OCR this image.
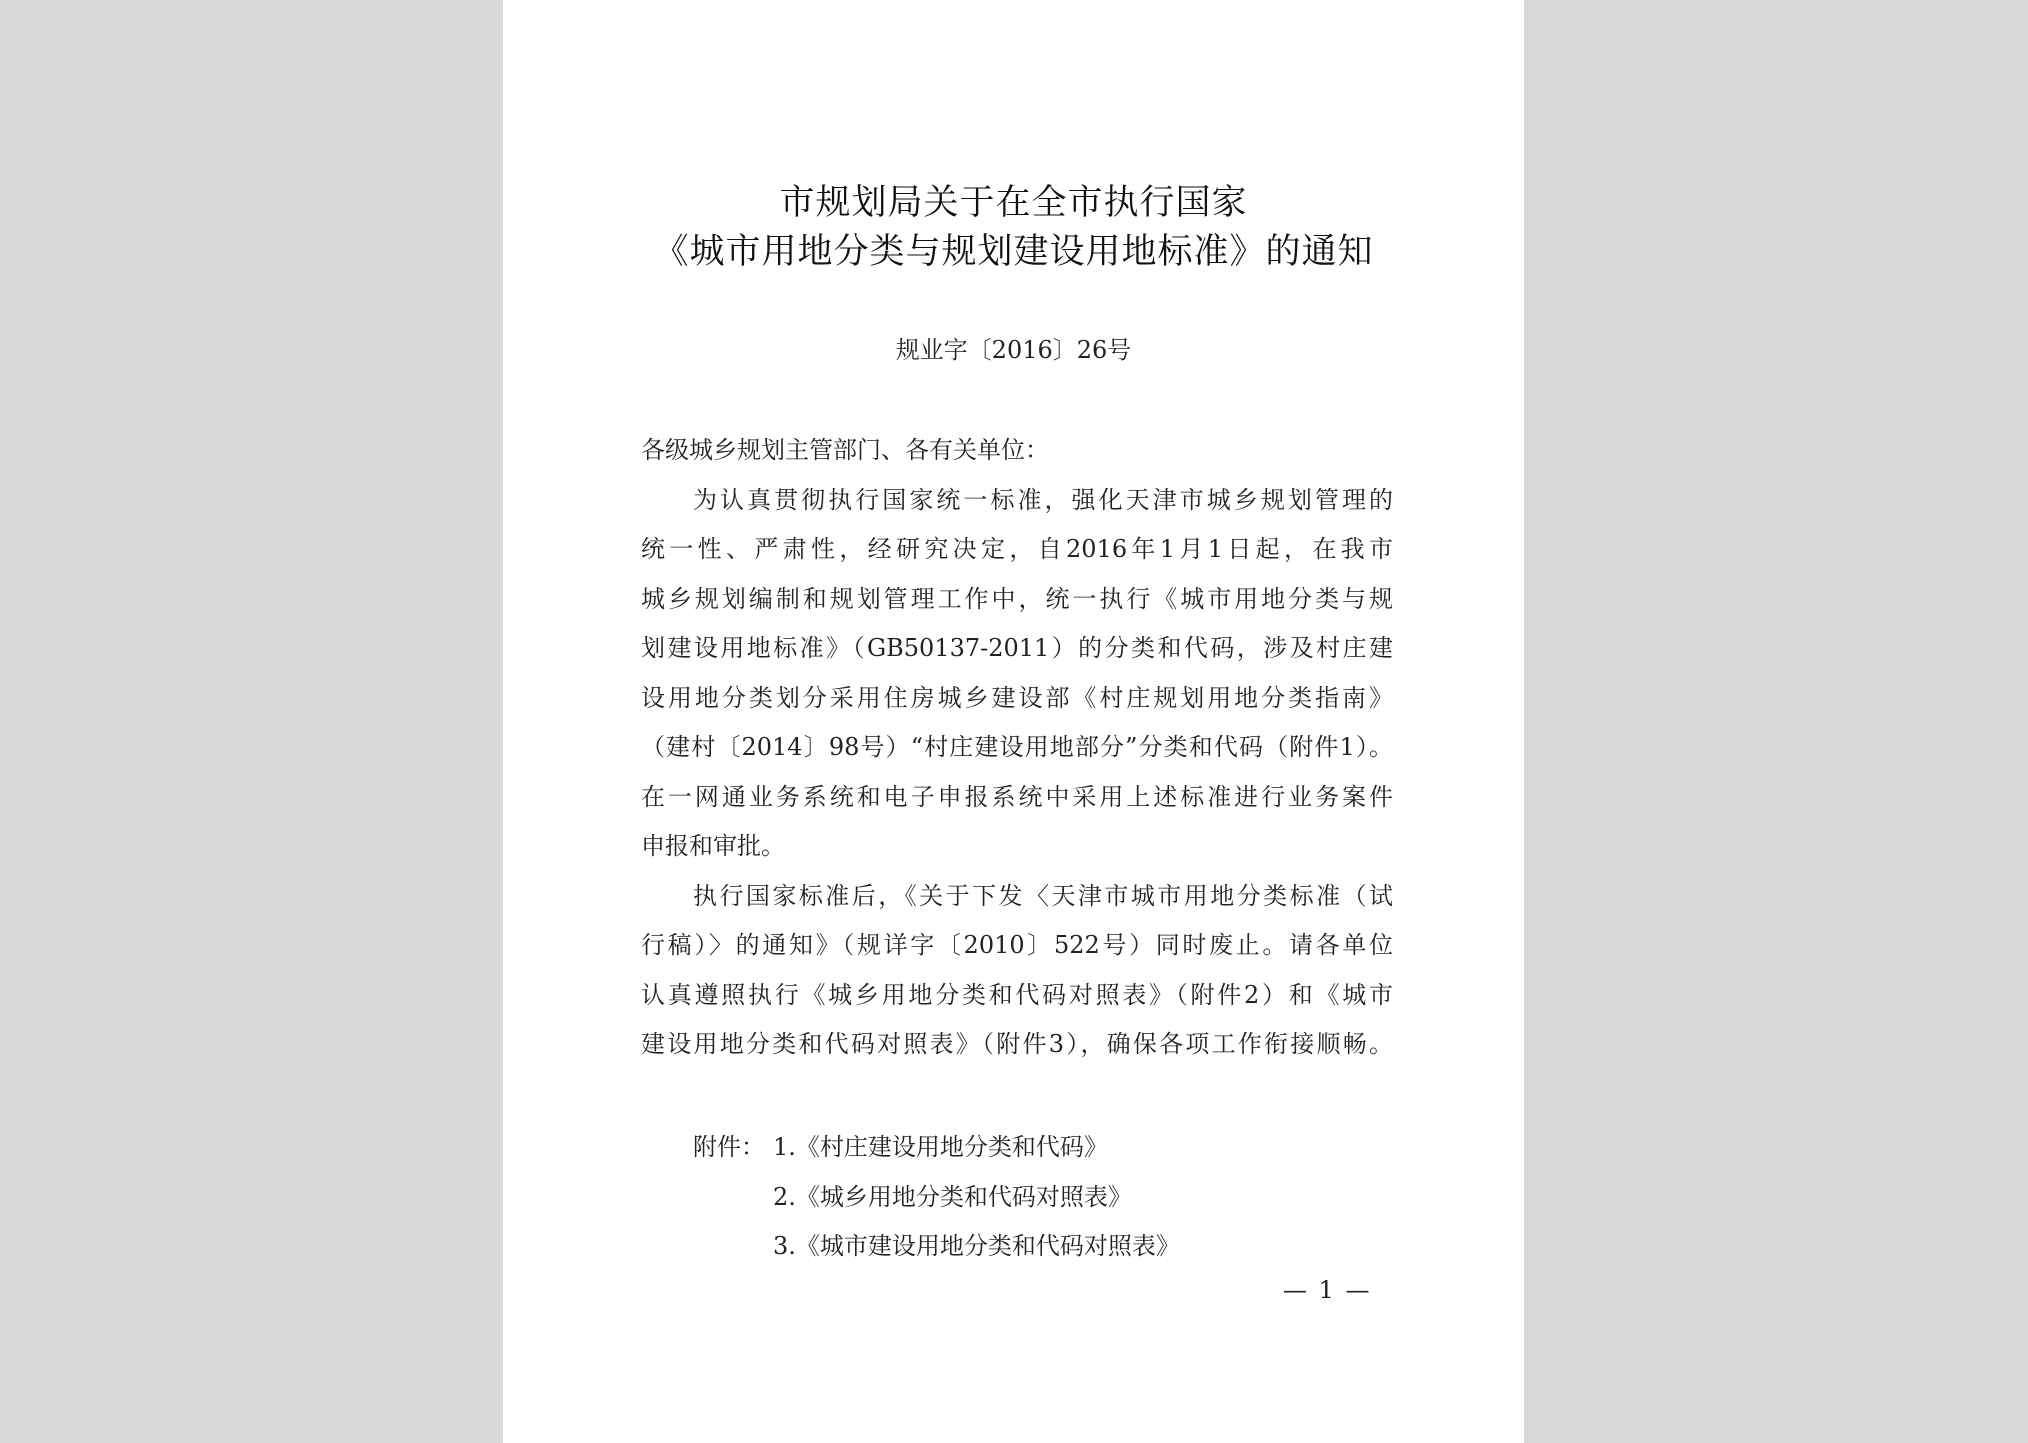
市规划局关于在全市执行国家
《城市用地分类与规划建设用地标准》的通知
规业字〔2016〕26号
各级城乡规划主管部门、各有关单位：
为认真贯彻执行国家统一标准，强化天津市城乡规划管理的
统一性、严肃性，经研究决定，自2016年1月1日起，在我市
城乡规划编制和规划管理工作中，统一执行《城市用地分类与规
划建设用地标准》（GB50137-2011）的分类和代码，涉及村庄建
设用地分类划分采用住房城乡建设部《村庄规划用地分类指南》
（建村〔2014〕98号）“村庄建设用地部分”分类和代码（附件1）。
在一网通业务系统和电子申报系统中采用上述标准进行业务案件
申报和审批。
执行国家标准后，《关于下发〈天津市城市用地分类标准（试
行稿）〉的通知》（规详字〔2010〕522号）同时废止。请各单位
认真遵照执行《城乡用地分类和代码对照表》（附件2）和《城市
建设用地分类和代码对照表》（附件3），确保各项工作衔接顺畅。
附件： 1.《村庄建设用地分类和代码》
2.《城乡用地分类和代码对照表》
3.《城市建设用地分类和代码对照表》
— 1 —
